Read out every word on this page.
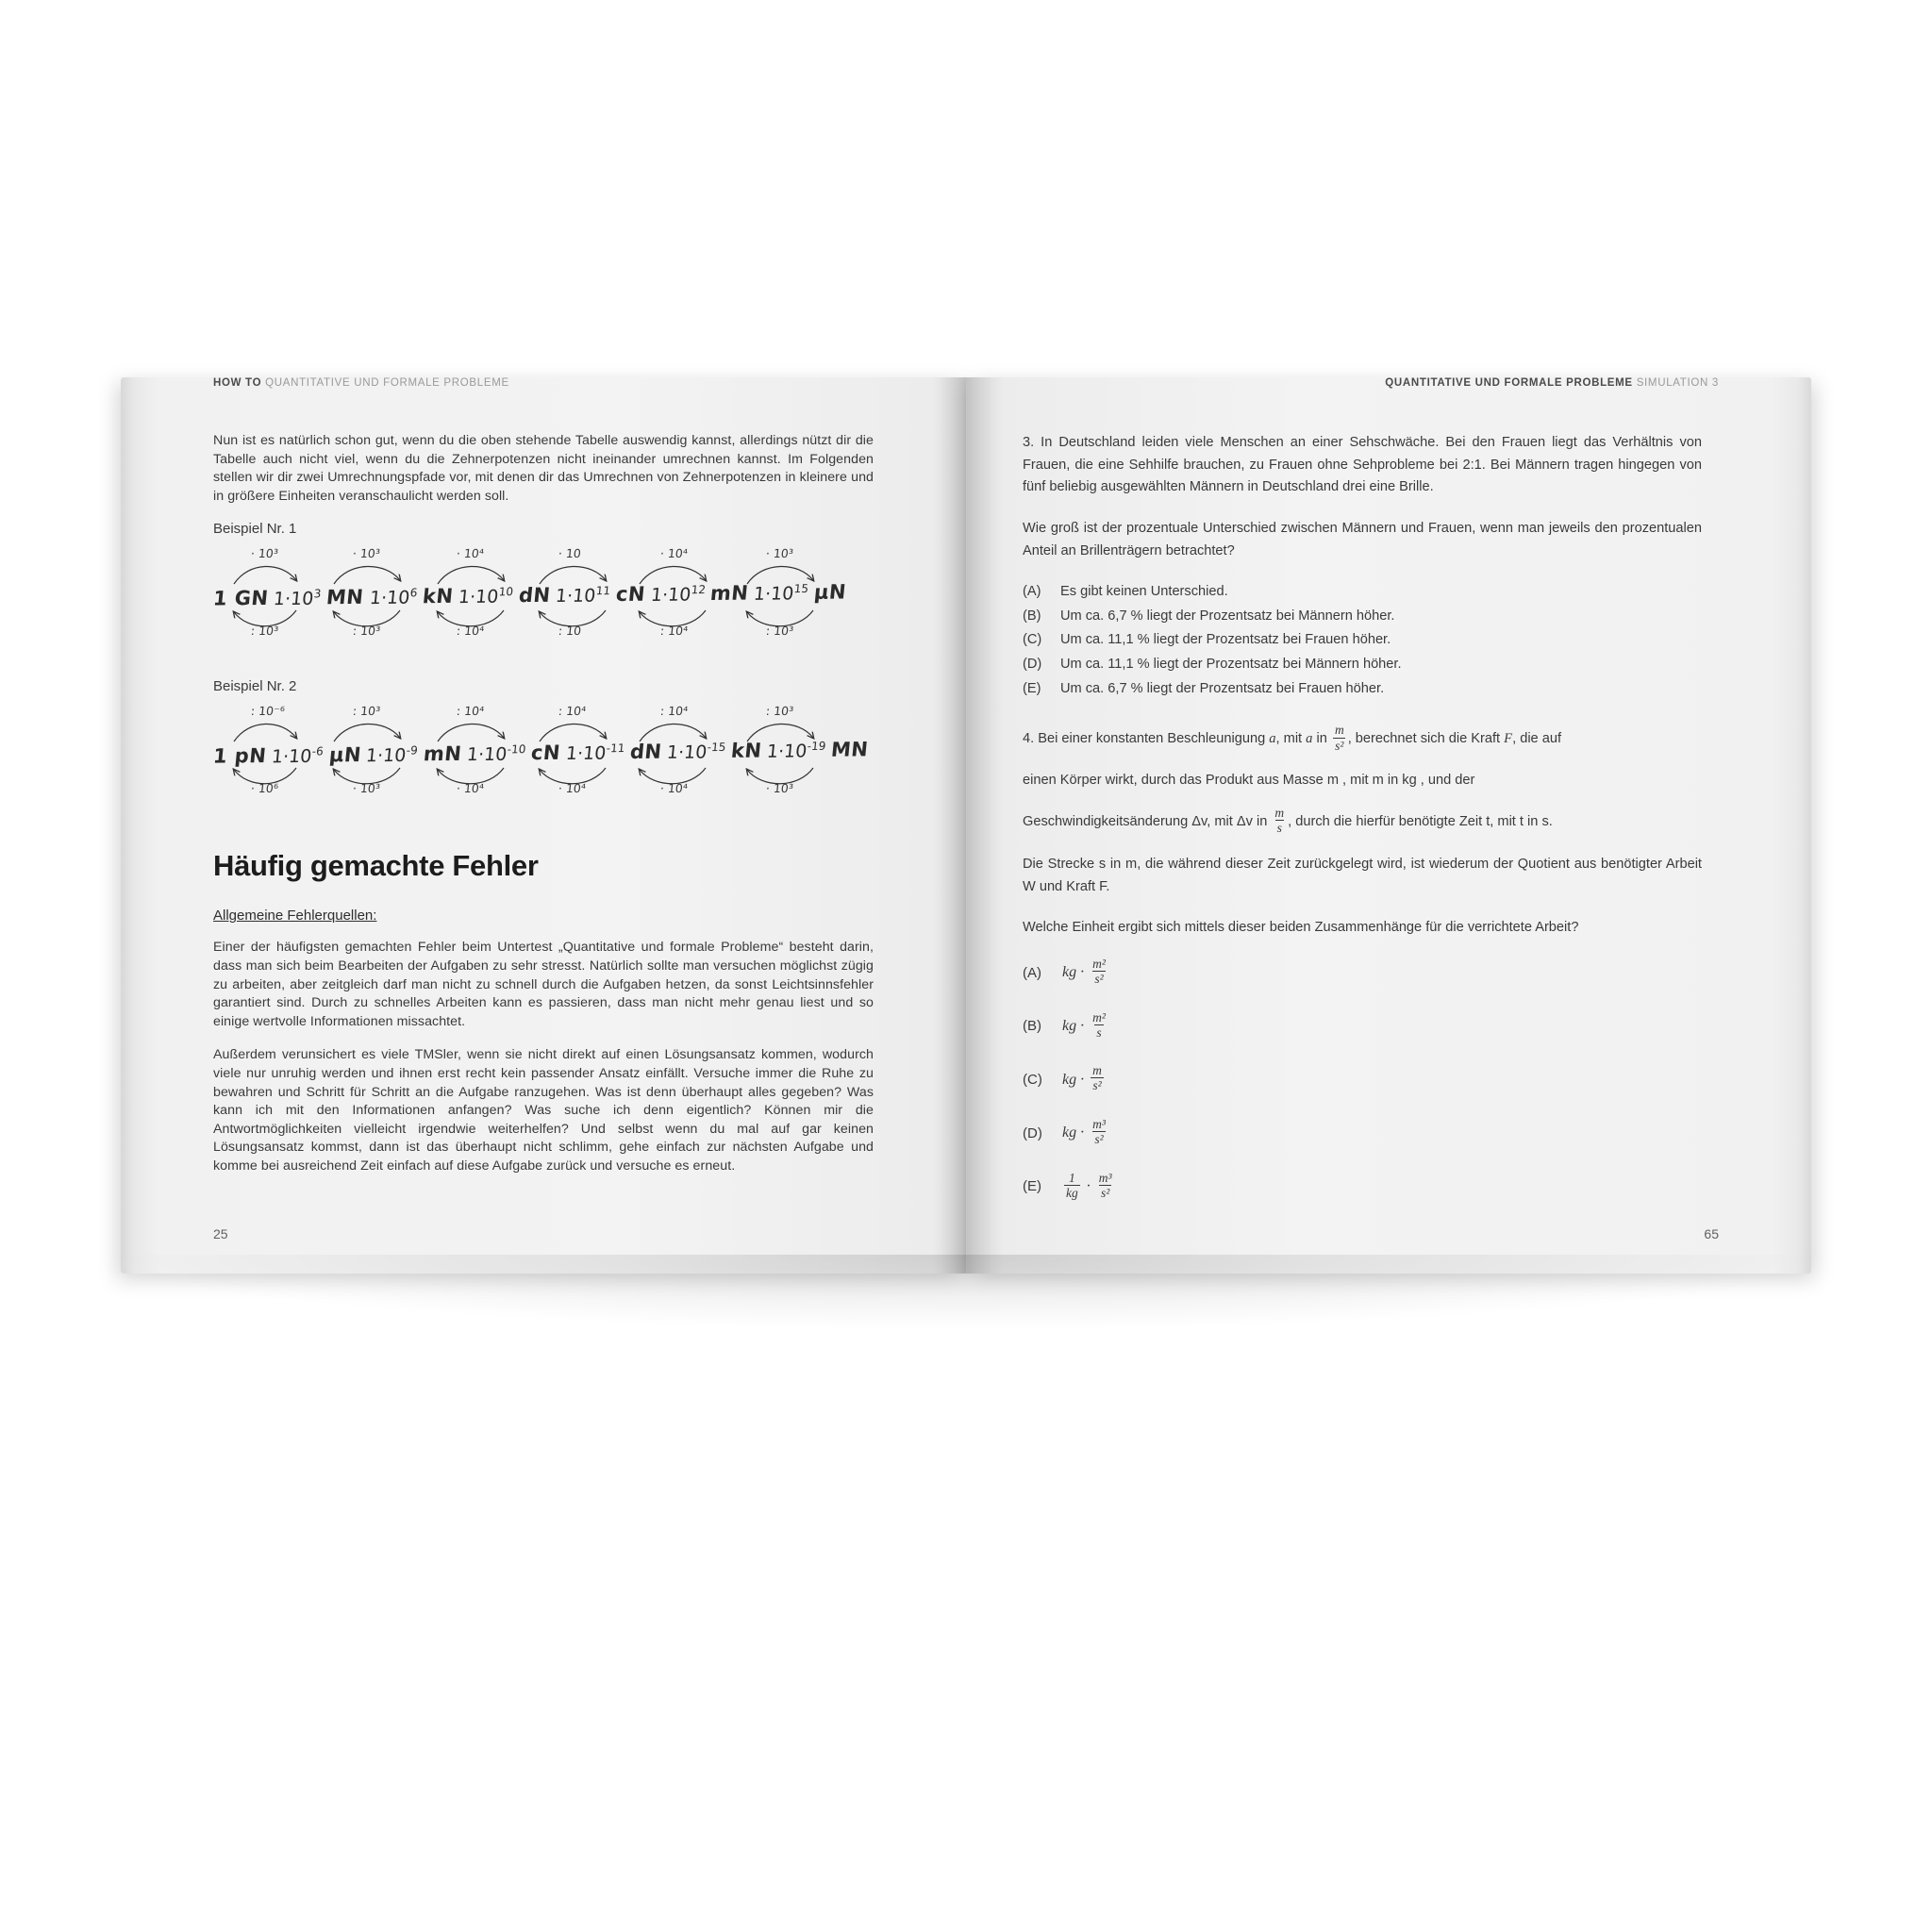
HOW TO QUANTITATIVE UND FORMALE PROBLEME

Nun ist es natürlich schon gut, wenn du die oben stehende Tabelle auswendig kannst, allerdings nützt dir die Tabelle auch nicht viel, wenn du die Zehnerpotenzen nicht ineinander umrechnen kannst. Im Folgenden stellen wir dir zwei Umrechnungspfade vor, mit denen dir das Umrechnen von Zehnerpotenzen in kleinere und in größere Einheiten veranschaulicht werden soll.

Beispiel Nr. 1

· 10³	· 10³	· 10⁴	· 10	· 10⁴	· 10³
: 10³	: 10³	: 10⁴	: 10	: 10⁴	: 10³
1 GN $1\cdot 10^3$ MN $1\cdot 10^6$ kN $1\cdot 10^{10}$ dN $1\cdot 10^{11}$ cN $1\cdot 10^{12}$ mN $1\cdot 10^{15}$ µN

Beispiel Nr. 2

: 10⁻⁶	: 10³	: 10⁴	: 10⁴	: 10⁴	: 10³
· 10⁶	· 10³	· 10⁴	· 10⁴	· 10⁴	· 10³
1 pN $1\cdot 10^{-6}$ µN $1\cdot 10^{-9}$ mN $1\cdot 10^{-10}$ cN $1\cdot 10^{-11}$ dN $1\cdot 10^{-15}$ kN $1\cdot 10^{-19}$ MN
Häufig gemachte Fehler

Allgemeine Fehlerquellen:

Einer der häufigsten gemachten Fehler beim Untertest „Quantitative und formale Probleme“ besteht darin, dass man sich beim Bearbeiten der Aufgaben zu sehr stresst. Natürlich sollte man versuchen möglichst zügig zu arbeiten, aber zeitgleich darf man nicht zu schnell durch die Aufgaben hetzen, da sonst Leichtsinnsfehler garantiert sind. Durch zu schnelles Arbeiten kann es passieren, dass man nicht mehr genau liest und so einige wertvolle Informationen missachtet.

Außerdem verunsichert es viele TMSler, wenn sie nicht direkt auf einen Lösungsansatz kommen, wodurch viele nur unruhig werden und ihnen erst recht kein passender Ansatz einfällt. Versuche immer die Ruhe zu bewahren und Schritt für Schritt an die Aufgabe ranzugehen. Was ist denn überhaupt alles gegeben? Was kann ich mit den Informationen anfangen? Was suche ich denn eigentlich? Können mir die Antwortmöglichkeiten vielleicht irgendwie weiterhelfen? Und selbst wenn du mal auf gar keinen Lösungsansatz kommst, dann ist das überhaupt nicht schlimm, gehe einfach zur nächsten Aufgabe und komme bei ausreichend Zeit einfach auf diese Aufgabe zurück und versuche es erneut.

25
QUANTITATIVE UND FORMALE PROBLEME SIMULATION 3

3. In Deutschland leiden viele Menschen an einer Sehschwäche. Bei den Frauen liegt das Verhältnis von Frauen, die eine Sehhilfe brauchen, zu Frauen ohne Sehprobleme bei 2:1. Bei Männern tragen hingegen von fünf beliebig ausgewählten Männern in Deutschland drei eine Brille.

Wie groß ist der prozentuale Unterschied zwischen Männern und Frauen, wenn man jeweils den prozentualen Anteil an Brillenträgern betrachtet?

(A)	Es gibt keinen Unterschied.
(B)	Um ca. 6,7 % liegt der Prozentsatz bei Männern höher.
(C)	Um ca. 11,1 % liegt der Prozentsatz bei Frauen höher.
(D)	Um ca. 11,1 % liegt der Prozentsatz bei Männern höher.
(E)	Um ca. 6,7 % liegt der Prozentsatz bei Frauen höher.

4. Bei einer konstanten Beschleunigung a, mit a in $\frac{m}{\text{s²}}$ , berechnet sich die Kraft F, die auf

einen Körper wirkt, durch das Produkt aus Masse m , mit m in kg , und der

Geschwindigkeitsänderung Δv, mit Δv in $\frac{m}{s}$ , durch die hierfür benötigte Zeit t, mit t in s.

Die Strecke s in m, die während dieser Zeit zurückgelegt wird, ist wiederum der Quotient aus benötigter Arbeit W und Kraft F.

Welche Einheit ergibt sich mittels dieser beiden Zusammenhänge für die verrichtete Arbeit?

(A)	kg · $\frac{\text{m²}}{\text{s²}}$
(B)	kg · $\frac{\text{m²}}{s}$
(C)	kg · $\frac{m}{\text{s²}}$
(D)	kg · $\frac{\text{m³}}{\text{s²}}$
(E)	$\frac{1}{kg} \cdot \frac{\text{m³}}{\text{s²}}$
65
